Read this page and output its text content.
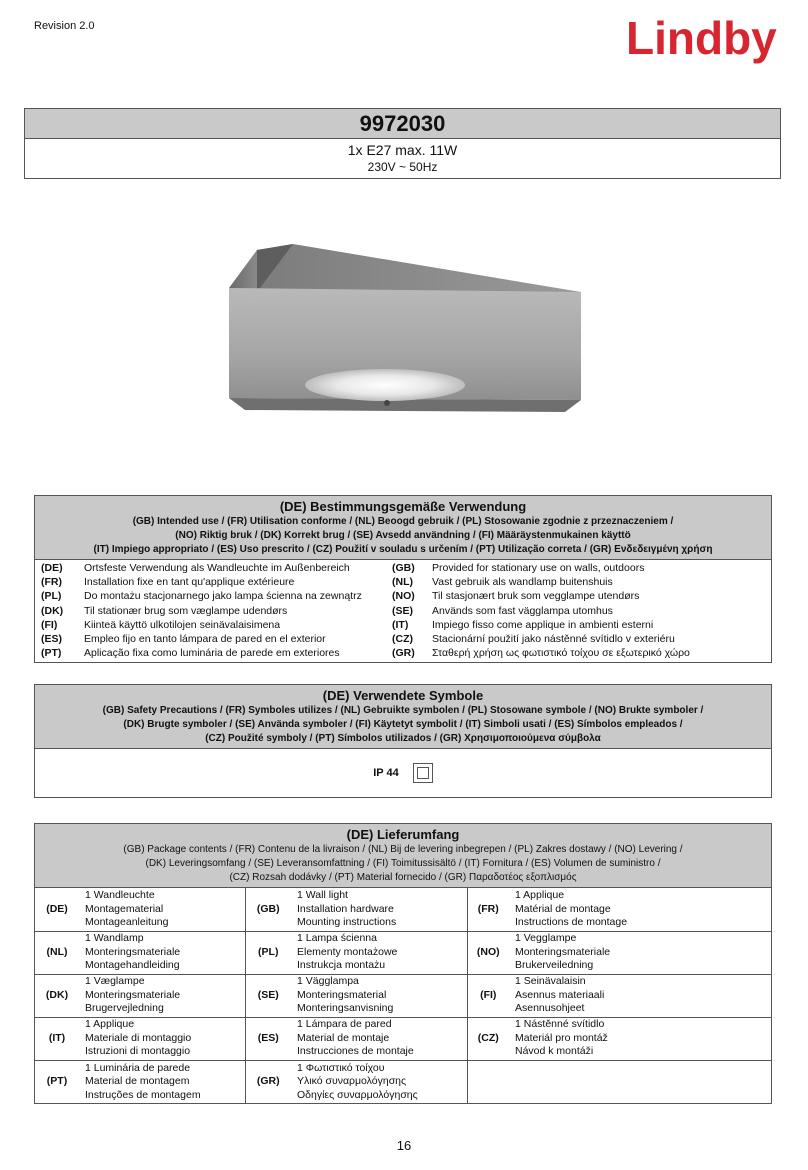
Revision 2.0	Lindby
9972030
1x E27 max. 11W
230V ~ 50Hz
(DE) Bestimmungsgemäße Verwendung
(GB) Intended use / (FR) Utilisation conforme / (NL) Beoogd gebruik / (PL) Stosowanie zgodnie z przeznaczeniem /
(NO) Riktig bruk / (DK) Korrekt brug / (SE) Avsedd användning / (FI) Määräystenmukainen käyttö
(IT) Impiego appropriato / (ES) Uso prescrito / (CZ) Použití v souladu s určením / (PT) Utilização correta / (GR) Ενδεδειγμένη χρήση
(DE)	Ortsfeste Verwendung als Wandleuchte im Außenbereich	(GB)	Provided for stationary use on walls, outdoors
(FR)	Installation fixe en tant qu'applique extérieure	(NL)	Vast gebruik als wandlamp buitenshuis
(PL)	Do montażu stacjonarnego jako lampa ścienna na zewnątrz	(NO)	Til stasjonært bruk som vegglampe utendørs
(DK)	Til stationær brug som væglampe udendørs	(SE)	Används som fast vägglampa utomhus
(FI)	Kiinteä käyttö ulkotilojen seinävalaisimena	(IT)	Impiego fisso come applique in ambienti esterni
(ES)	Empleo fijo en tanto lámpara de pared en el exterior	(CZ)	Stacionární použití jako nástěnné svítidlo v exteriéru
(PT)	Aplicação fixa como luminária de parede em exteriores	(GR)	Σταθερή χρήση ως φωτιστικό τοίχου σε εξωτερικό χώρο
(DE) Verwendete Symbole
(GB) Safety Precautions / (FR) Symboles utilizes / (NL) Gebruikte symbolen / (PL) Stosowane symbole / (NO) Brukte symboler /
(DK) Brugte symboler / (SE) Använda symboler / (FI) Käytetyt symbolit / (IT) Simboli usati / (ES) Símbolos empleados /
(CZ) Použité symboly / (PT) Símbolos utilizados / (GR) Χρησιμοποιούμενα σύμβολα
IP 44
(DE) Lieferumfang
(GB) Package contents / (FR) Contenu de la livraison / (NL) Bij de levering inbegrepen / (PL) Zakres dostawy / (NO) Levering /
(DK) Leveringsomfang / (SE) Leveransomfattning / (FI) Toimitussisältö / (IT) Fornitura / (ES) Volumen de suministro /
(CZ) Rozsah dodávky / (PT) Material fornecido / (GR) Παραδοτέος εξοπλισμός
(DE)	1 Wandleuchte
Montagematerial
Montageanleitung	(GB)	1 Wall light
Installation hardware
Mounting instructions	(FR)	1 Applique
Matérial de montage
Instructions de montage

(NL)	1 Wandlamp
Monteringsmateriale
Montagehandleiding	(PL)	1 Lampa ścienna
Elementy montażowe
Instrukcja montażu	(NO)	1 Vegglampe
Monteringsmateriale
Brukerveiledning

(DK)	1 Væglampe
Monteringsmateriale
Brugervejledning	(SE)	1 Vägglampa
Monteringsmaterial
Monteringsanvisning	(FI)	1 Seinävalaisin
Asennus materiaali
Asennusohjeet

(IT)	1 Applique
Materiale di montaggio
Istruzioni di montaggio	(ES)	1 Lámpara de pared
Material de montaje
Instrucciones de montaje	(CZ)	1 Nástěnné svítidlo
Materiál pro montáž
Návod k montáži

(PT)	1 Luminária de parede
Material de montagem
Instruções de montagem	(GR)	1 Φωτιστικό τοίχου
Υλικό συναρμολόγησης
Οδηγίες συναρμολόγησης		

16
